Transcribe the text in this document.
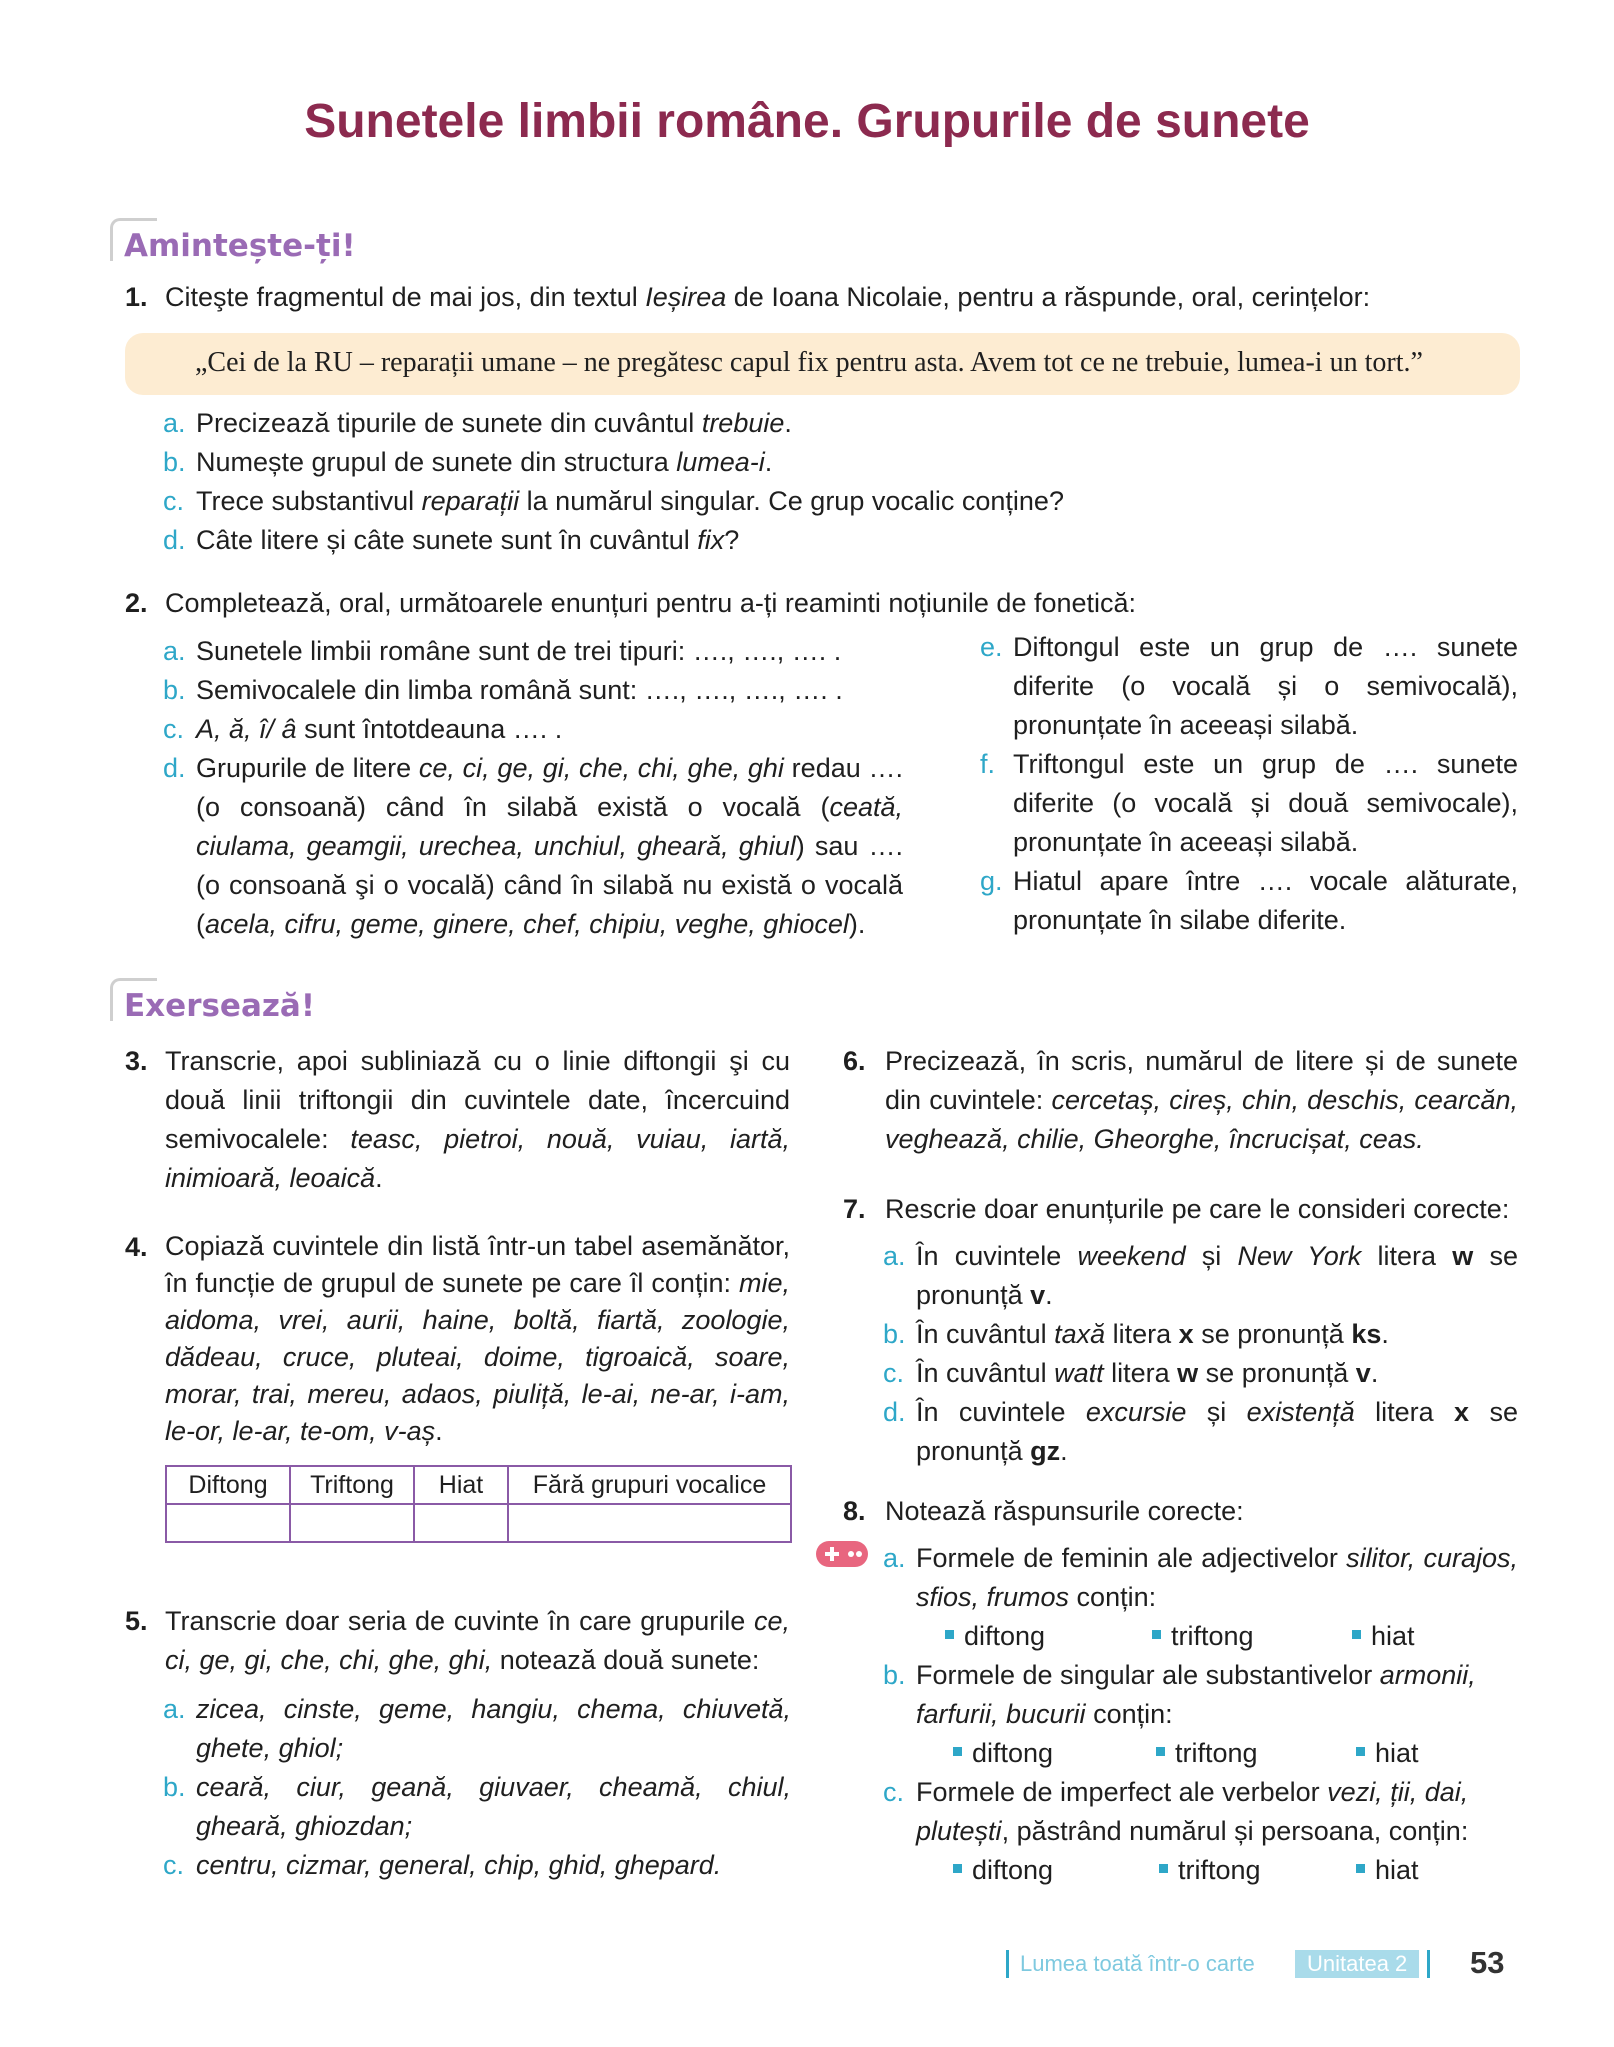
Sunetele limbii române. Grupurile de sunete
Amintește-ți!
1. Citeşte fragmentul de mai jos, din textul Ieșirea de Ioana Nicolaie, pentru a răspunde, oral, cerințelor:
„Cei de la RU – reparații umane – ne pregătesc capul fix pentru asta. Avem tot ce ne trebuie, lumea-i un tort.”
a. Precizează tipurile de sunete din cuvântul trebuie.
b. Numește grupul de sunete din structura lumea-i.
c. Trece substantivul reparații la numărul singular. Ce grup vocalic conține?
d. Câte litere și câte sunete sunt în cuvântul fix?
2. Completează, oral, următoarele enunțuri pentru a-ți reaminti noțiunile de fonetică:
a. Sunetele limbii române sunt de trei tipuri: …., …., …. .
b. Semivocalele din limba română sunt: …., …., …., …. .
c. A, ă, î/ â sunt întotdeauna …. .
d. Grupurile de litere ce, ci, ge, gi, che, chi, ghe, ghi redau …. (o consoană) când în silabă există o vocală (ceată, ciulama, geamgii, urechea, unchiul, gheară, ghiul) sau …. (o consoană şi o vocală) când în silabă nu există o vocală (acela, cifru, geme, ginere, chef, chipiu, veghe, ghiocel).
e. Diftongul este un grup de …. sunete diferite (o vocală și o semivocală), pronunțate în aceeași silabă.
f. Triftongul este un grup de …. sunete diferite (o vocală și două semivocale), pronunțate în aceeași silabă.
g. Hiatul apare între …. vocale alăturate, pronunțate în silabe diferite.
Exersează!
3. Transcrie, apoi subliniază cu o linie diftongii şi cu două linii triftongii din cuvintele date, încercuind semivocalele: teasc, pietroi, nouă, vuiau, iartă, inimioară, leoaică.
4. Copiază cuvintele din listă într-un tabel asemănător, în funcție de grupul de sunete pe care îl conțin: mie, aidoma, vrei, aurii, haine, boltă, fiartă, zoologie, dădeau, cruce, pluteai, doime, tigroaică, soare, morar, trai, mereu, adaos, piuliță, le-ai, ne-ar, i-am, le-or, le-ar, te-om, v-aș.
Diftong	Triftong	Hiat	Fără grupuri vocalice

5. Transcrie doar seria de cuvinte în care grupurile ce, ci, ge, gi, che, chi, ghe, ghi, notează două sunete:
a. zicea, cinste, geme, hangiu, chema, chiuvetă, ghete, ghiol;
b. ceară, ciur, geană, giuvaer, cheamă, chiul, gheară, ghiozdan;
c. centru, cizmar, general, chip, ghid, ghepard.
6. Precizează, în scris, numărul de litere și de sunete din cuvintele: cercetaș, cireș, chin, deschis, cearcăn, veghează, chilie, Gheorghe, încrucișat, ceas.
7. Rescrie doar enunțurile pe care le consideri corecte:
a. În cuvintele weekend și New York litera w se pronunță v.
b. În cuvântul taxă litera x se pronunță ks.
c. În cuvântul watt litera w se pronunță v.
d. În cuvintele excursie și existență litera x se pronunță gz.
8. Notează răspunsurile corecte:
a. Formele de feminin ale adjectivelor silitor, curajos, sfios, frumos conțin:
diftong	triftong	hiat
b. Formele de singular ale substantivelor armonii, farfurii, bucurii conțin:
diftong	triftong	hiat
c. Formele de imperfect ale verbelor vezi, ții, dai, plutești, păstrând numărul și persoana, conțin:
diftong	triftong	hiat
Lumea toată într-o carte	Unitatea 2	53
